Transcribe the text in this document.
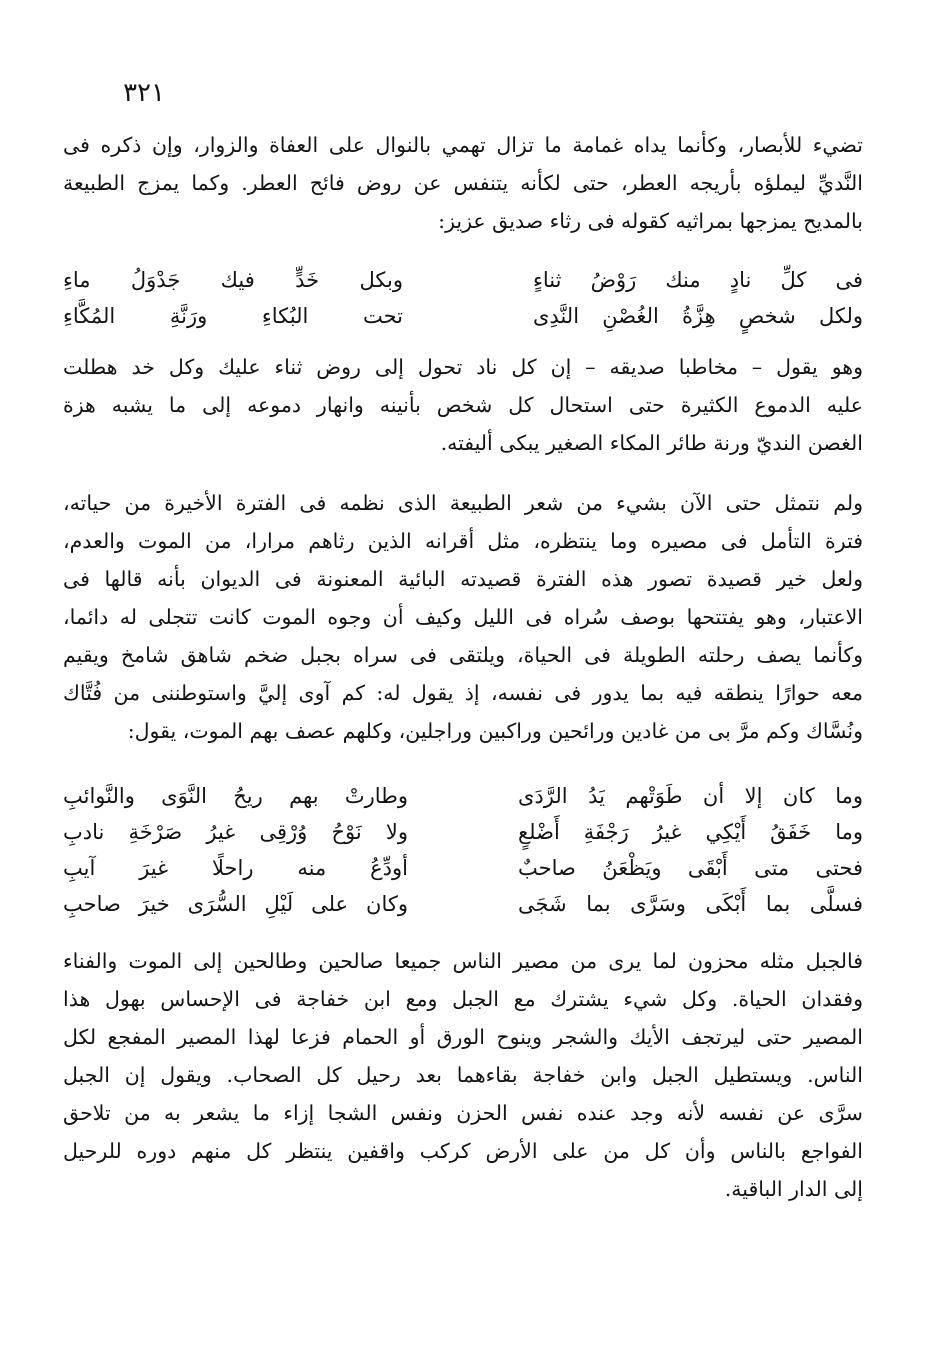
٣٢١

تضيء للأبصار، وكأنما يداه غمامة ما تزال تهمي بالنوال على العفاة والزوار، وإن ذكره فى
النَّديِّ ليملؤه بأريجه العطر، حتى لكأنه يتنفس عن روض فائح العطر. وكما يمزج الطبيعة
بالمديح يمزجها بمراثيه كقوله فى رثاء صديق عزيز:

فى كلِّ نادٍ منك رَوْضُ ثناءٍ
وبكل خَدٍّ فيك جَدْوَلُ ماءِ
ولكل شخصٍ هِزَّةُ الغُصْنِ النَّدِى
تحت البُكاءِ ورَنَّةِ المُكَّاءِ

وهو يقول – مخاطبا صديقه – إن كل ناد تحول إلى روض ثناء عليك وكل خد هطلت
عليه الدموع الكثيرة حتى استحال كل شخص بأنينه وانهار دموعه إلى ما يشبه هزة
الغصن النديّ ورنة طائر المكاء الصغير يبكى أليفته.

ولم نتمثل حتى الآن بشيء من شعر الطبيعة الذى نظمه فى الفترة الأخيرة من حياته،
فترة التأمل فى مصيره وما ينتظره، مثل أقرانه الذين رثاهم مرارا، من الموت والعدم،
ولعل خير قصيدة تصور هذه الفترة قصيدته البائية المعنونة فى الديوان بأنه قالها فى
الاعتبار، وهو يفتتحها بوصف سُراه فى الليل وكيف أن وجوه الموت كانت تتجلى له دائما،
وكأنما يصف رحلته الطويلة فى الحياة، ويلتقى فى سراه بجبل ضخم شاهق شامخ ويقيم
معه حوارًا ينطقه فيه بما يدور فى نفسه، إذ يقول له: كم آوى إليَّ واستوطننى من فُتَّاك
ونُسَّاك وكم مرَّ بى من غادين ورائحين وراكبين وراجلين، وكلهم عصف بهم الموت، يقول:

وما كان إلا أن طَوَتْهم يَدُ الرَّدَى
وطارتْ بهم ريحُ النَّوَى والنَّوائبِ
وما خَفَقُ أَيْكِي غيرُ رَجْفَةِ أَضْلعٍ
ولا نَوْحُ وُرْقِى غيرُ صَرْخَةِ نادبِ
فحتى متى أَبْقَى ويَظْعَنُ صاحبٌ
أودِّعُ منه راحلًا غيرَ آيبِ
فسلَّى بما أَبْكَى وسَرَّى بما شَجَى
وكان على لَيْلِ السُّرَى خيرَ صاحبِ

فالجبل مثله محزون لما يرى من مصير الناس جميعا صالحين وطالحين إلى الموت والفناء
وفقدان الحياة. وكل شيء يشترك مع الجبل ومع ابن خفاجة فى الإحساس بهول هذا
المصير حتى ليرتجف الأيك والشجر وينوح الورق أو الحمام فزعا لهذا المصير المفجع لكل
الناس. ويستطيل الجبل وابن خفاجة بقاءهما بعد رحيل كل الصحاب. ويقول إن الجبل
سرَّى عن نفسه لأنه وجد عنده نفس الحزن ونفس الشجا إزاء ما يشعر به من تلاحق
الفواجع بالناس وأن كل من على الأرض كركب واقفين ينتظر كل منهم دوره للرحيل
إلى الدار الباقية.
